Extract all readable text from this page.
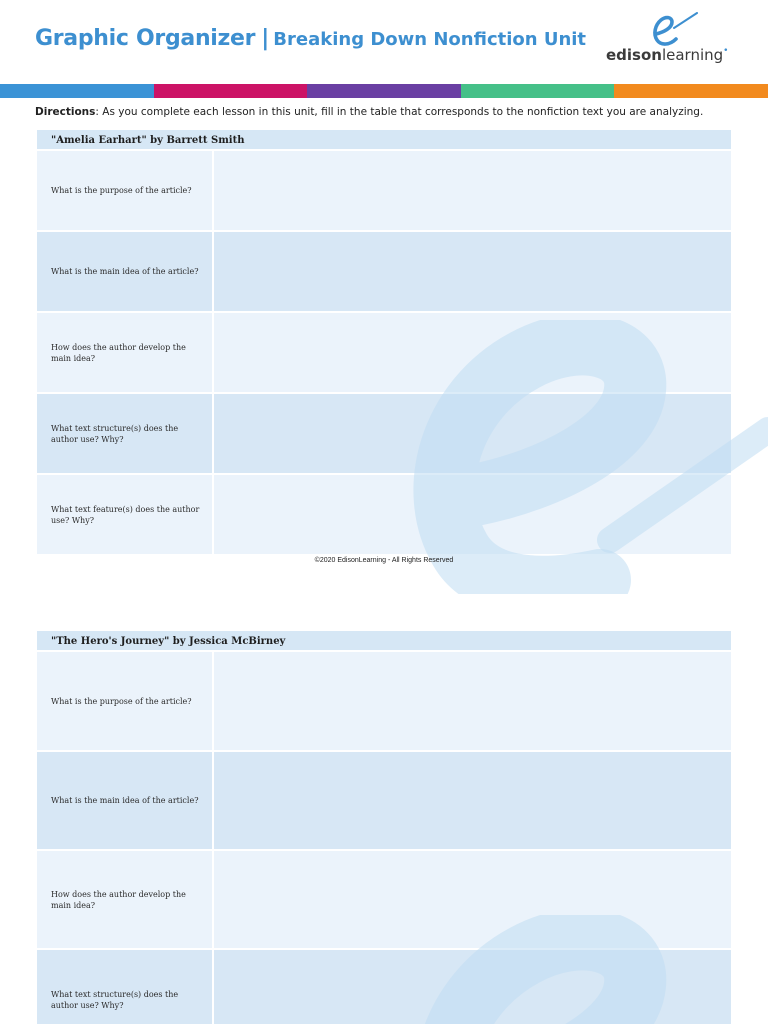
Graphic Organizer | Breaking Down Nonfiction Unit
edisonlearning•
Directions: As you complete each lesson in this unit, fill in the table that corresponds to the nonfiction text you are analyzing.
"Amelia Earhart" by Barrett Smith
What is the purpose of the article?
What is the main idea of the article?
How does the author develop the main idea?
What text structure(s) does the author use? Why?
What text feature(s) does the author use? Why?
©2020 EdisonLearning - All Rights Reserved
"The Hero's Journey" by Jessica McBirney
What is the purpose of the article?
What is the main idea of the article?
How does the author develop the main idea?
What text structure(s) does the author use? Why?
